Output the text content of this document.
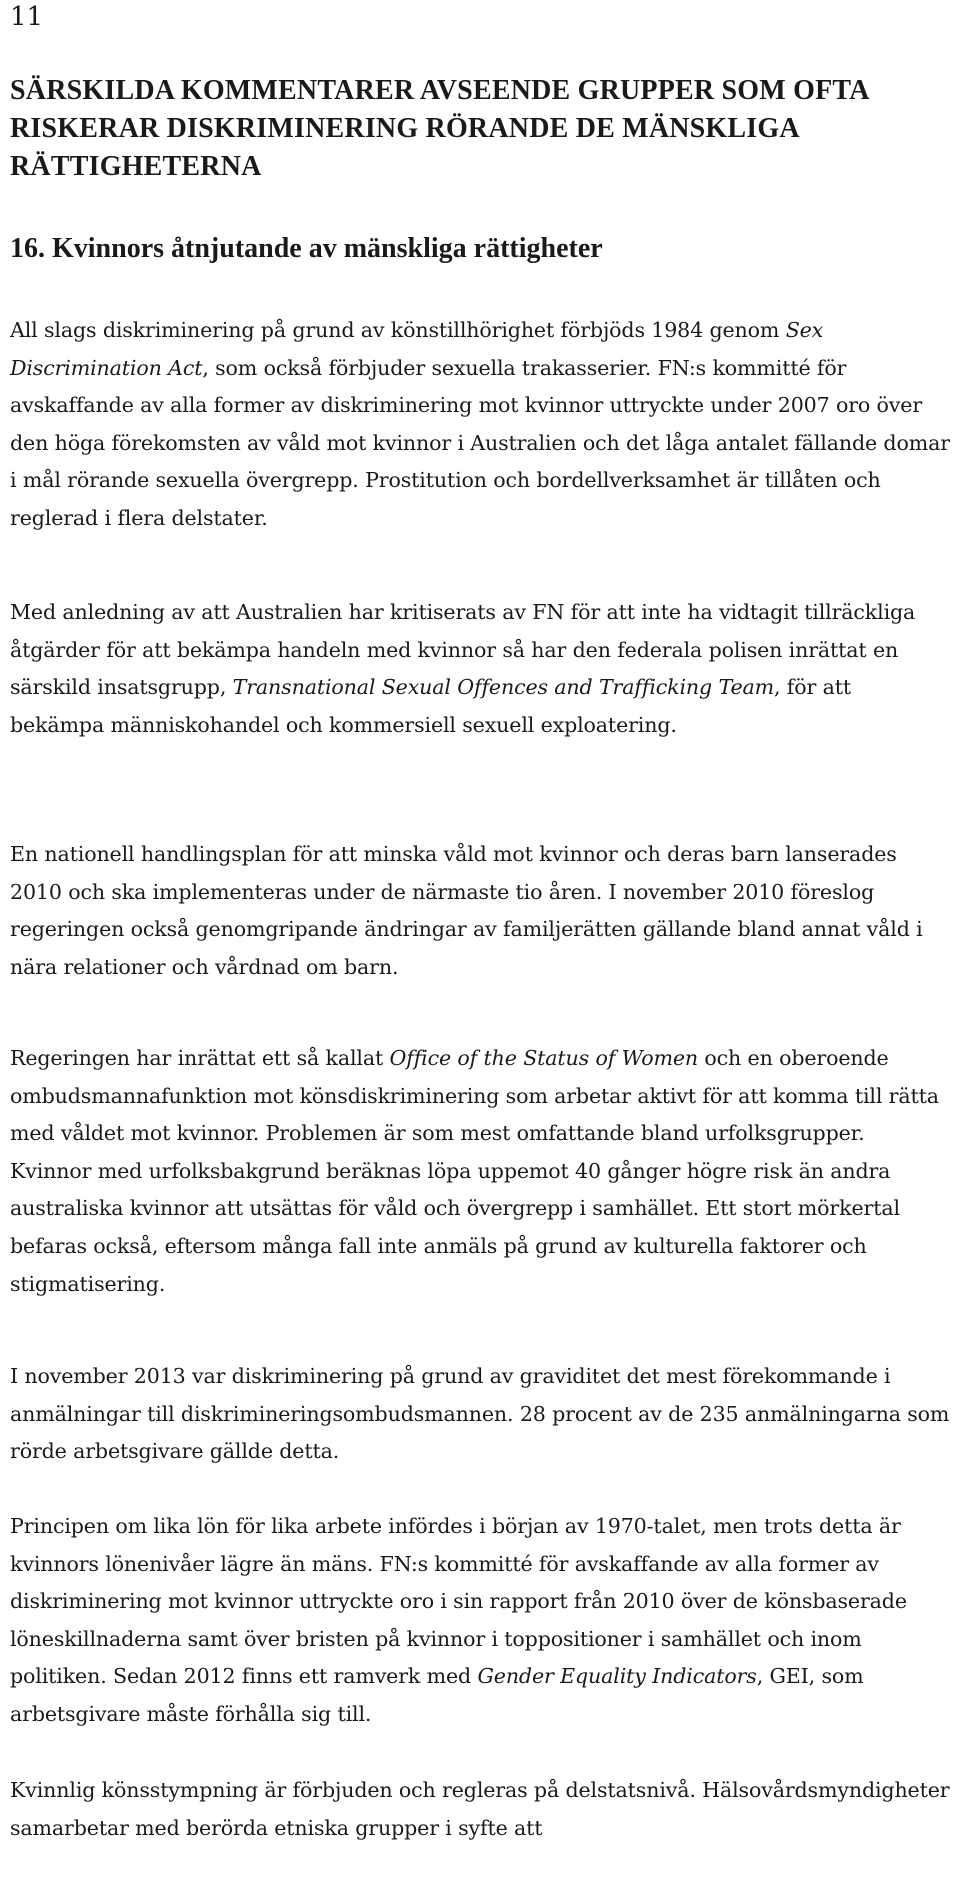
11
SÄRSKILDA KOMMENTARER AVSEENDE GRUPPER SOM OFTA RISKERAR DISKRIMINERING RÖRANDE DE MÄNSKLIGA RÄTTIGHETERNA
16. Kvinnors åtnjutande av mänskliga rättigheter

All slags diskriminering på grund av könstillhörighet förbjöds 1984 genom Sex Discrimination Act, som också förbjuder sexuella trakasserier. FN:s kommitté för avskaffande av alla former av diskriminering mot kvinnor uttryckte under 2007 oro över den höga förekomsten av våld mot kvinnor i Australien och det låga antalet fällande domar i mål rörande sexuella övergrepp. Prostitution och bordellverksamhet är tillåten och reglerad i flera delstater.

Med anledning av att Australien har kritiserats av FN för att inte ha vidtagit tillräckliga åtgärder för att bekämpa handeln med kvinnor så har den federala polisen inrättat en särskild insatsgrupp, Transnational Sexual Offences and Trafficking Team, för att bekämpa människohandel och kommersiell sexuell exploatering.

En nationell handlingsplan för att minska våld mot kvinnor och deras barn lanserades 2010 och ska implementeras under de närmaste tio åren. I november 2010 föreslog regeringen också genomgripande ändringar av familjerätten gällande bland annat våld i nära relationer och vårdnad om barn.

Regeringen har inrättat ett så kallat Office of the Status of Women och en oberoende ombudsmannafunktion mot könsdiskriminering som arbetar aktivt för att komma till rätta med våldet mot kvinnor. Problemen är som mest omfattande bland urfolksgrupper. Kvinnor med urfolksbakgrund beräknas löpa uppemot 40 gånger högre risk än andra australiska kvinnor att utsättas för våld och övergrepp i samhället. Ett stort mörkertal befaras också, eftersom många fall inte anmäls på grund av kulturella faktorer och stigmatisering.

I november 2013 var diskriminering på grund av graviditet det mest förekommande i anmälningar till diskrimineringsombudsmannen. 28 procent av de 235 anmälningarna som rörde arbetsgivare gällde detta.

Principen om lika lön för lika arbete infördes i början av 1970-talet, men trots detta är kvinnors lönenivåer lägre än mäns. FN:s kommitté för avskaffande av alla former av diskriminering mot kvinnor uttryckte oro i sin rapport från 2010 över de könsbaserade löneskillnaderna samt över bristen på kvinnor i toppositioner i samhället och inom politiken. Sedan 2012 finns ett ramverk med Gender Equality Indicators, GEI, som arbetsgivare måste förhålla sig till.

Kvinnlig könsstympning är förbjuden och regleras på delstatsnivå. Hälsovårdsmyndigheter samarbetar med berörda etniska grupper i syfte att
